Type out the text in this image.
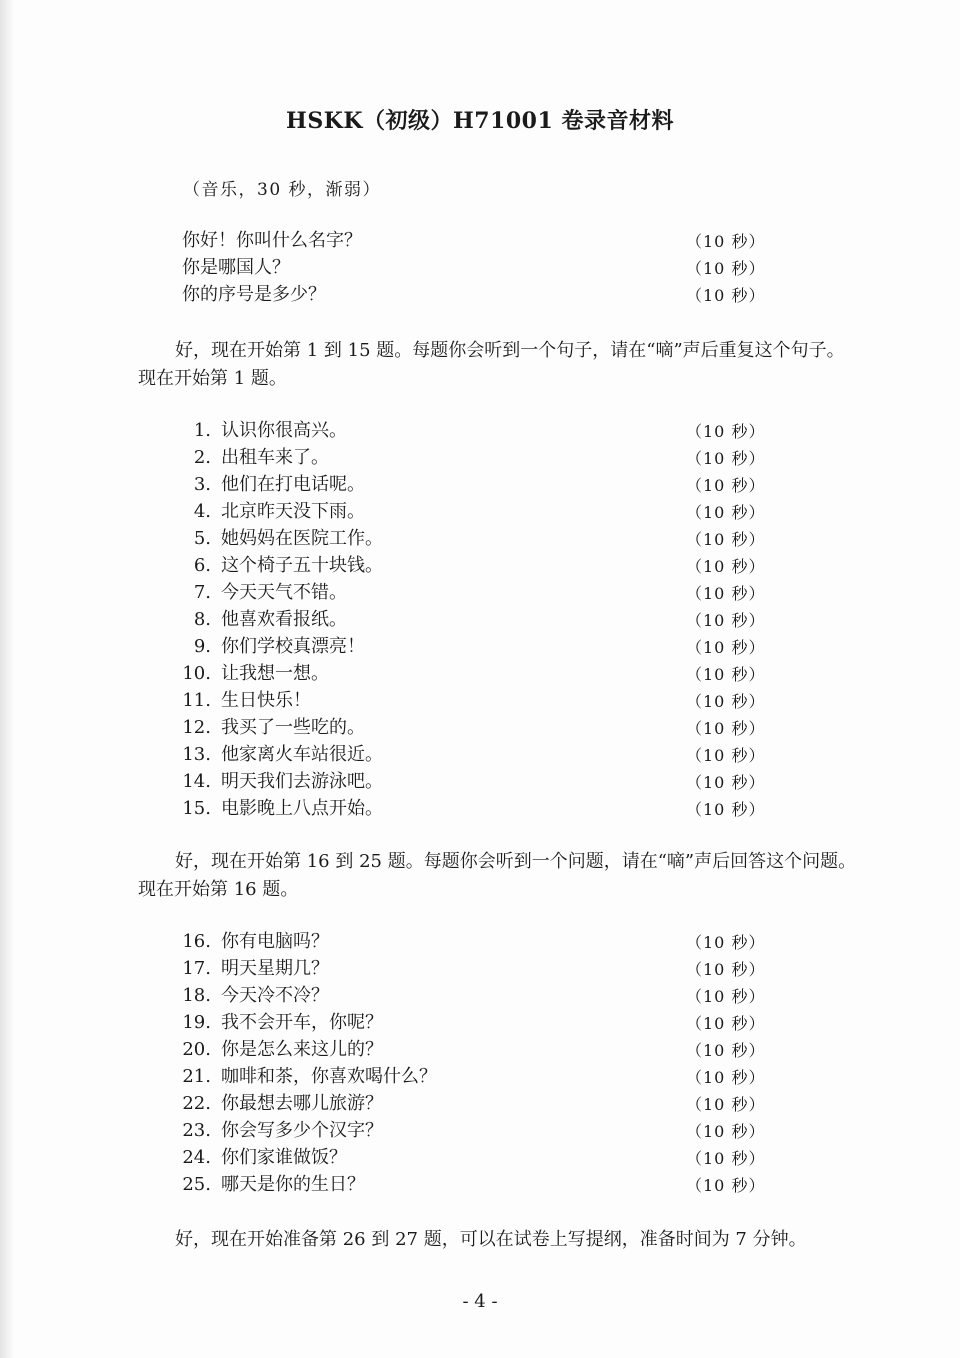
HSKK（初级）H71001 卷录音材料
（音乐，30 秒，渐弱）
你好！你叫什么名字？	（10 秒）
你是哪国人？	（10 秒）
你的序号是多少？	（10 秒）
好，现在开始第 1 到 15 题。每题你会听到一个句子，请在“嘀”声后重复这个句子。现在开始第 1 题。
1. 认识你很高兴。	（10 秒）
2. 出租车来了。	（10 秒）
3. 他们在打电话呢。	（10 秒）
4. 北京昨天没下雨。	（10 秒）
5. 她妈妈在医院工作。	（10 秒）
6. 这个椅子五十块钱。	（10 秒）
7. 今天天气不错。	（10 秒）
8. 他喜欢看报纸。	（10 秒）
9. 你们学校真漂亮！	（10 秒）
10. 让我想一想。	（10 秒）
11. 生日快乐！	（10 秒）
12. 我买了一些吃的。	（10 秒）
13. 他家离火车站很近。	（10 秒）
14. 明天我们去游泳吧。	（10 秒）
15. 电影晚上八点开始。	（10 秒）
好，现在开始第 16 到 25 题。每题你会听到一个问题，请在“嘀”声后回答这个问题。现在开始第 16 题。
16. 你有电脑吗？	（10 秒）
17. 明天星期几？	（10 秒）
18. 今天冷不冷？	（10 秒）
19. 我不会开车，你呢？	（10 秒）
20. 你是怎么来这儿的？	（10 秒）
21. 咖啡和茶，你喜欢喝什么？	（10 秒）
22. 你最想去哪儿旅游？	（10 秒）
23. 你会写多少个汉字？	（10 秒）
24. 你们家谁做饭？	（10 秒）
25. 哪天是你的生日？	（10 秒）
好，现在开始准备第 26 到 27 题，可以在试卷上写提纲，准备时间为 7 分钟。
- 4 -
